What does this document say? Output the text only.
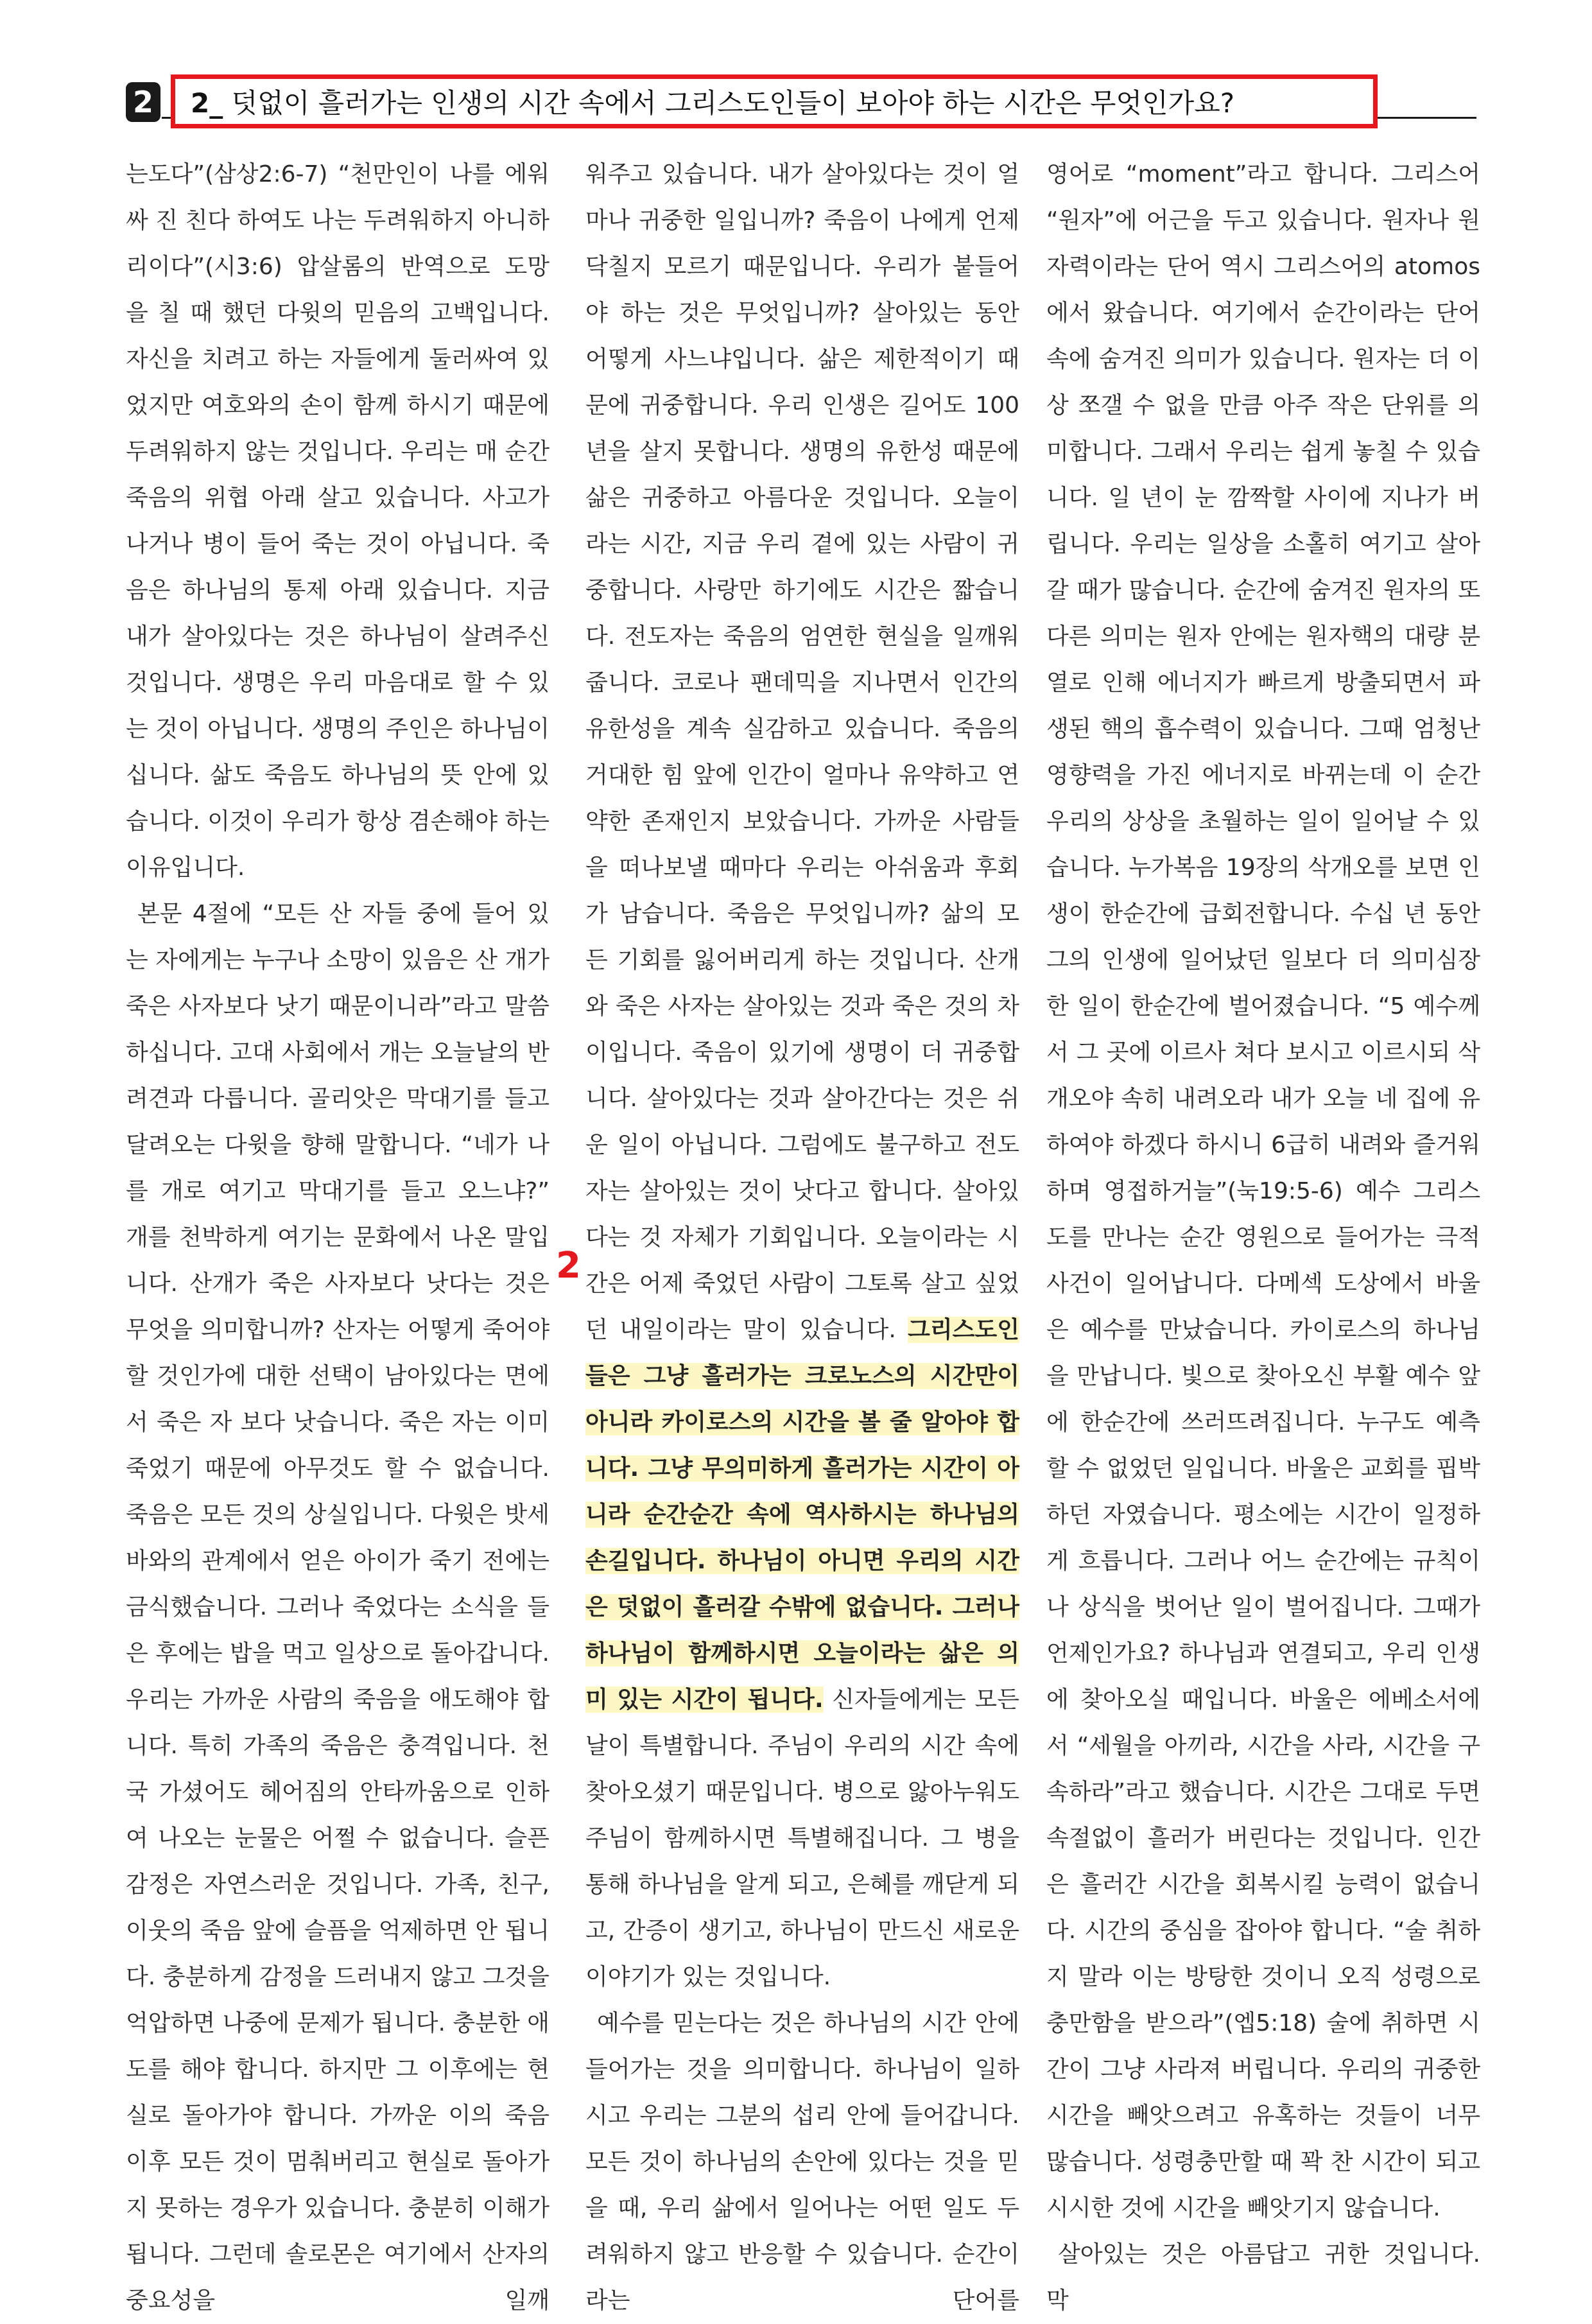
2 2_ 덧없이 흘러가는 인생의 시간 속에서 그리스도인들이 보아야 하는 시간은 무엇인가요?

는도다”(삼상2:6-7) “천만인이 나를 에워싸 진 친다 하여도 나는 두려워하지 아니하리이다”(시3:6) 압살롬의 반역으로 도망을 칠 때 했던 다윗의 믿음의 고백입니다. 자신을 치려고 하는 자들에게 둘러싸여 있었지만 여호와의 손이 함께 하시기 때문에 두려워하지 않는 것입니다. 우리는 매 순간 죽음의 위협 아래 살고 있습니다. 사고가 나거나 병이 들어 죽는 것이 아닙니다. 죽음은 하나님의 통제 아래 있습니다. 지금 내가 살아있다는 것은 하나님이 살려주신 것입니다. 생명은 우리 마음대로 할 수 있는 것이 아닙니다. 생명의 주인은 하나님이십니다. 삶도 죽음도 하나님의 뜻 안에 있습니다. 이것이 우리가 항상 겸손해야 하는 이유입니다.

본문 4절에 “모든 산 자들 중에 들어 있는 자에게는 누구나 소망이 있음은 산 개가 죽은 사자보다 낫기 때문이니라”라고 말씀하십니다. 고대 사회에서 개는 오늘날의 반려견과 다릅니다. 골리앗은 막대기를 들고 달려오는 다윗을 향해 말합니다. “네가 나를 개로 여기고 막대기를 들고 오느냐?” 개를 천박하게 여기는 문화에서 나온 말입니다. 산개가 죽은 사자보다 낫다는 것은 무엇을 의미합니까? 산자는 어떻게 죽어야 할 것인가에 대한 선택이 남아있다는 면에서 죽은 자 보다 낫습니다. 죽은 자는 이미 죽었기 때문에 아무것도 할 수 없습니다. 죽음은 모든 것의 상실입니다. 다윗은 밧세바와의 관계에서 얻은 아이가 죽기 전에는 금식했습니다. 그러나 죽었다는 소식을 들은 후에는 밥을 먹고 일상으로 돌아갑니다. 우리는 가까운 사람의 죽음을 애도해야 합니다. 특히 가족의 죽음은 충격입니다. 천국 가셨어도 헤어짐의 안타까움으로 인하여 나오는 눈물은 어쩔 수 없습니다. 슬픈 감정은 자연스러운 것입니다. 가족, 친구, 이웃의 죽음 앞에 슬픔을 억제하면 안 됩니다. 충분하게 감정을 드러내지 않고 그것을 억압하면 나중에 문제가 됩니다. 충분한 애도를 해야 합니다. 하지만 그 이후에는 현실로 돌아가야 합니다. 가까운 이의 죽음 이후 모든 것이 멈춰버리고 현실로 돌아가지 못하는 경우가 있습니다. 충분히 이해가 됩니다. 그런데 솔로몬은 여기에서 산자의 중요성을 일깨

2

워주고 있습니다. 내가 살아있다는 것이 얼마나 귀중한 일입니까? 죽음이 나에게 언제 닥칠지 모르기 때문입니다. 우리가 붙들어야 하는 것은 무엇입니까? 살아있는 동안 어떻게 사느냐입니다. 삶은 제한적이기 때문에 귀중합니다. 우리 인생은 길어도 100년을 살지 못합니다. 생명의 유한성 때문에 삶은 귀중하고 아름다운 것입니다. 오늘이라는 시간, 지금 우리 곁에 있는 사람이 귀중합니다. 사랑만 하기에도 시간은 짧습니다. 전도자는 죽음의 엄연한 현실을 일깨워줍니다. 코로나 팬데믹을 지나면서 인간의 유한성을 계속 실감하고 있습니다. 죽음의 거대한 힘 앞에 인간이 얼마나 유약하고 연약한 존재인지 보았습니다. 가까운 사람들을 떠나보낼 때마다 우리는 아쉬움과 후회가 남습니다. 죽음은 무엇입니까? 삶의 모든 기회를 잃어버리게 하는 것입니다. 산개와 죽은 사자는 살아있는 것과 죽은 것의 차이입니다. 죽음이 있기에 생명이 더 귀중합니다. 살아있다는 것과 살아간다는 것은 쉬운 일이 아닙니다. 그럼에도 불구하고 전도자는 살아있는 것이 낫다고 합니다. 살아있다는 것 자체가 기회입니다. 오늘이라는 시간은 어제 죽었던 사람이 그토록 살고 싶었던 내일이라는 말이 있습니다. 그리스도인들은 그냥 흘러가는 크로노스의 시간만이 아니라 카이로스의 시간을 볼 줄 알아야 합니다. 그냥 무의미하게 흘러가는 시간이 아니라 순간순간 속에 역사하시는 하나님의 손길입니다. 하나님이 아니면 우리의 시간은 덧없이 흘러갈 수밖에 없습니다. 그러나 하나님이 함께하시면 오늘이라는 삶은 의미 있는 시간이 됩니다. 신자들에게는 모든 날이 특별합니다. 주님이 우리의 시간 속에 찾아오셨기 때문입니다. 병으로 앓아누워도 주님이 함께하시면 특별해집니다. 그 병을 통해 하나님을 알게 되고, 은혜를 깨닫게 되고, 간증이 생기고, 하나님이 만드신 새로운 이야기가 있는 것입니다.

예수를 믿는다는 것은 하나님의 시간 안에 들어가는 것을 의미합니다. 하나님이 일하시고 우리는 그분의 섭리 안에 들어갑니다. 모든 것이 하나님의 손안에 있다는 것을 믿을 때, 우리 삶에서 일어나는 어떤 일도 두려워하지 않고 반응할 수 있습니다. 순간이라는 단어를

영어로 “moment”라고 합니다. 그리스어 “원자”에 어근을 두고 있습니다. 원자나 원자력이라는 단어 역시 그리스어의 atomos에서 왔습니다. 여기에서 순간이라는 단어 속에 숨겨진 의미가 있습니다. 원자는 더 이상 쪼갤 수 없을 만큼 아주 작은 단위를 의미합니다. 그래서 우리는 쉽게 놓칠 수 있습니다. 일 년이 눈 깜짝할 사이에 지나가 버립니다. 우리는 일상을 소홀히 여기고 살아갈 때가 많습니다. 순간에 숨겨진 원자의 또 다른 의미는 원자 안에는 원자핵의 대량 분열로 인해 에너지가 빠르게 방출되면서 파생된 핵의 흡수력이 있습니다. 그때 엄청난 영향력을 가진 에너지로 바뀌는데 이 순간 우리의 상상을 초월하는 일이 일어날 수 있습니다. 누가복음 19장의 삭개오를 보면 인생이 한순간에 급회전합니다. 수십 년 동안 그의 인생에 일어났던 일보다 더 의미심장한 일이 한순간에 벌어졌습니다. “5 예수께서 그 곳에 이르사 쳐다 보시고 이르시되 삭개오야 속히 내려오라 내가 오늘 네 집에 유하여야 하겠다 하시니 6급히 내려와 즐거워하며 영접하거늘”(눅19:5-6) 예수 그리스도를 만나는 순간 영원으로 들어가는 극적 사건이 일어납니다. 다메섹 도상에서 바울은 예수를 만났습니다. 카이로스의 하나님을 만납니다. 빛으로 찾아오신 부활 예수 앞에 한순간에 쓰러뜨려집니다. 누구도 예측할 수 없었던 일입니다. 바울은 교회를 핍박하던 자였습니다. 평소에는 시간이 일정하게 흐릅니다. 그러나 어느 순간에는 규칙이나 상식을 벗어난 일이 벌어집니다. 그때가 언제인가요? 하나님과 연결되고, 우리 인생에 찾아오실 때입니다. 바울은 에베소서에서 “세월을 아끼라, 시간을 사라, 시간을 구속하라”라고 했습니다. 시간은 그대로 두면 속절없이 흘러가 버린다는 것입니다. 인간은 흘러간 시간을 회복시킬 능력이 없습니다. 시간의 중심을 잡아야 합니다. “술 취하지 말라 이는 방탕한 것이니 오직 성령으로 충만함을 받으라”(엡5:18) 술에 취하면 시간이 그냥 사라져 버립니다. 우리의 귀중한 시간을 빼앗으려고 유혹하는 것들이 너무 많습니다. 성령충만할 때 꽉 찬 시간이 되고 시시한 것에 시간을 빼앗기지 않습니다.

살아있는 것은 아름답고 귀한 것입니다. 막
